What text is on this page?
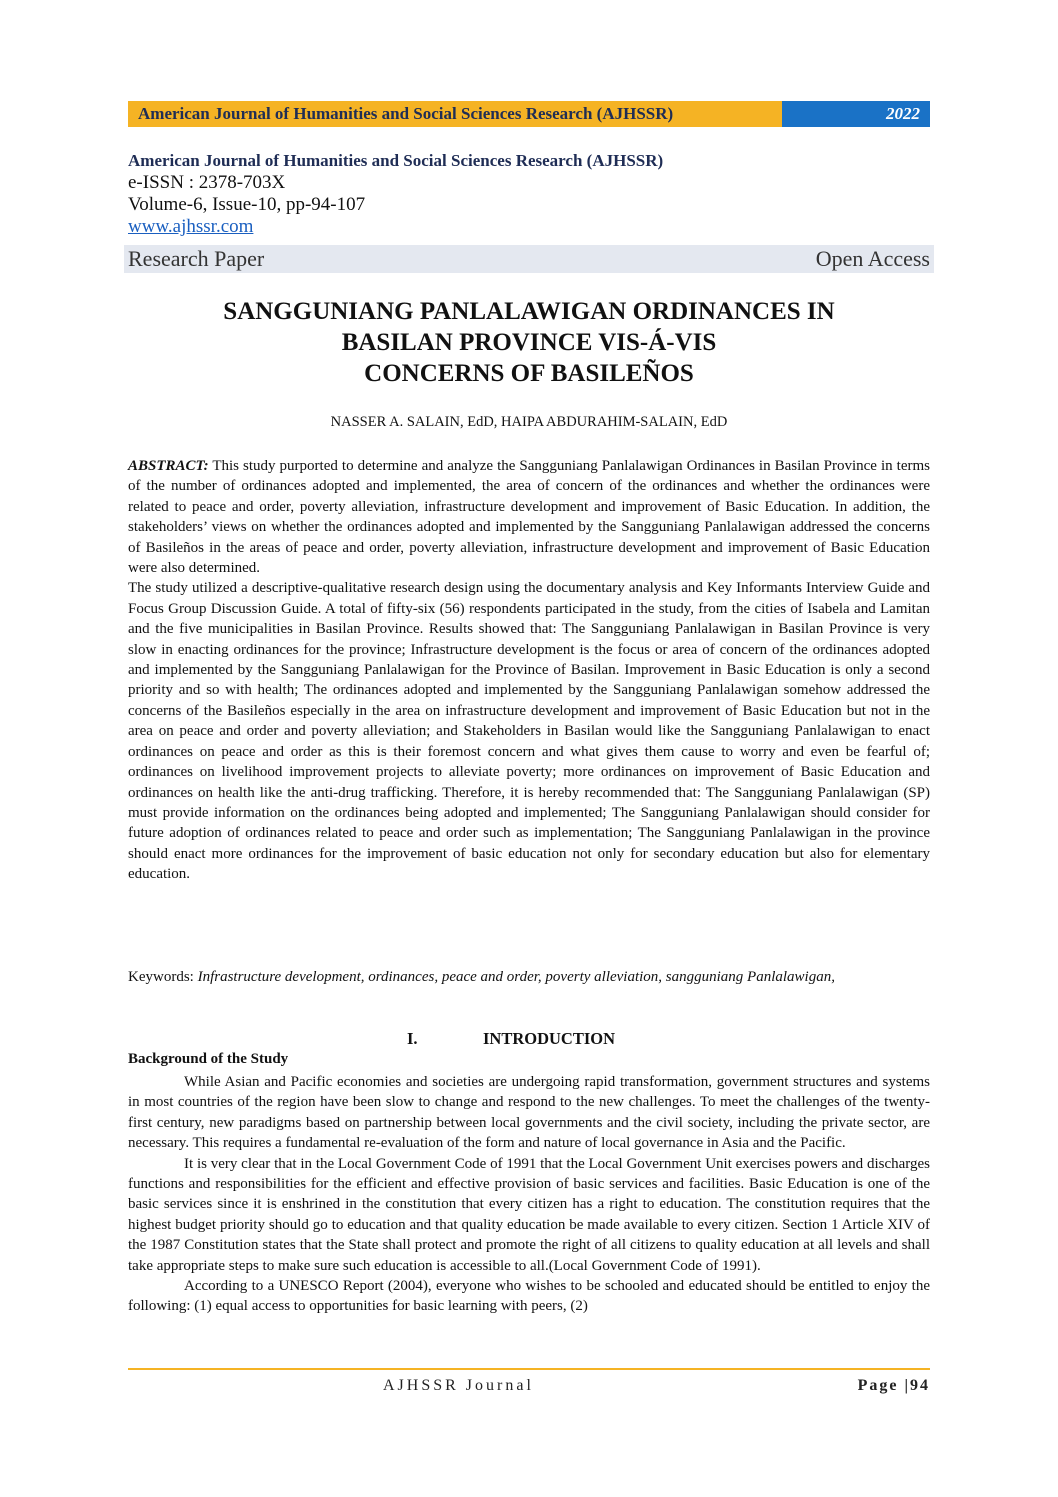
American Journal of Humanities and Social Sciences Research (AJHSSR)	2022
American Journal of Humanities and Social Sciences Research (AJHSSR)
e-ISSN : 2378-703X
Volume-6, Issue-10, pp-94-107
www.ajhssr.com
Research Paper	Open Access
SANGGUNIANG PANLALAWIGAN ORDINANCES IN
BASILAN PROVINCE VIS-Á-VIS
CONCERNS OF BASILEÑOS
NASSER A. SALAIN, EdD, HAIPA ABDURAHIM-SALAIN, EdD

ABSTRACT: This study purported to determine and analyze the Sangguniang Panlalawigan Ordinances in Basilan Province in terms of the number of ordinances adopted and implemented, the area of concern of the ordinances and whether the ordinances were related to peace and order, poverty alleviation, infrastructure development and improvement of Basic Education. In addition, the stakeholders’ views on whether the ordinances adopted and implemented by the Sangguniang Panlalawigan addressed the concerns of Basileños in the areas of peace and order, poverty alleviation, infrastructure development and improvement of Basic Education were also determined.

The study utilized a descriptive-qualitative research design using the documentary analysis and Key Informants Interview Guide and Focus Group Discussion Guide. A total of fifty-six (56) respondents participated in the study, from the cities of Isabela and Lamitan and the five municipalities in Basilan Province. Results showed that: The Sangguniang Panlalawigan in Basilan Province is very slow in enacting ordinances for the province; Infrastructure development is the focus or area of concern of the ordinances adopted and implemented by the Sangguniang Panlalawigan for the Province of Basilan. Improvement in Basic Education is only a second priority and so with health; The ordinances adopted and implemented by the Sangguniang Panlalawigan somehow addressed the concerns of the Basileños especially in the area on infrastructure development and improvement of Basic Education but not in the area on peace and order and poverty alleviation; and Stakeholders in Basilan would like the Sangguniang Panlalawigan to enact ordinances on peace and order as this is their foremost concern and what gives them cause to worry and even be fearful of; ordinances on livelihood improvement projects to alleviate poverty; more ordinances on improvement of Basic Education and ordinances on health like the anti-drug trafficking. Therefore, it is hereby recommended that: The Sangguniang Panlalawigan (SP) must provide information on the ordinances being adopted and implemented; The Sangguniang Panlalawigan should consider for future adoption of ordinances related to peace and order such as implementation; The Sangguniang Panlalawigan in the province should enact more ordinances for the improvement of basic education not only for secondary education but also for elementary education.

Keywords: Infrastructure development, ordinances, peace and order, poverty alleviation, sangguniang Panlalawigan,
I.	INTRODUCTION
Background of the Study

While Asian and Pacific economies and societies are undergoing rapid transformation, government structures and systems in most countries of the region have been slow to change and respond to the new challenges. To meet the challenges of the twenty-first century, new paradigms based on partnership between local governments and the civil society, including the private sector, are necessary. This requires a fundamental re-evaluation of the form and nature of local governance in Asia and the Pacific.

It is very clear that in the Local Government Code of 1991 that the Local Government Unit exercises powers and discharges functions and responsibilities for the efficient and effective provision of basic services and facilities. Basic Education is one of the basic services since it is enshrined in the constitution that every citizen has a right to education. The constitution requires that the highest budget priority should go to education and that quality education be made available to every citizen. Section 1 Article XIV of the 1987 Constitution states that the State shall protect and promote the right of all citizens to quality education at all levels and shall take appropriate steps to make sure such education is accessible to all.(Local Government Code of 1991).

According to a UNESCO Report (2004), everyone who wishes to be schooled and educated should be entitled to enjoy the following: (1) equal access to opportunities for basic learning with peers, (2)

AJHSSR Journal	Page |94
